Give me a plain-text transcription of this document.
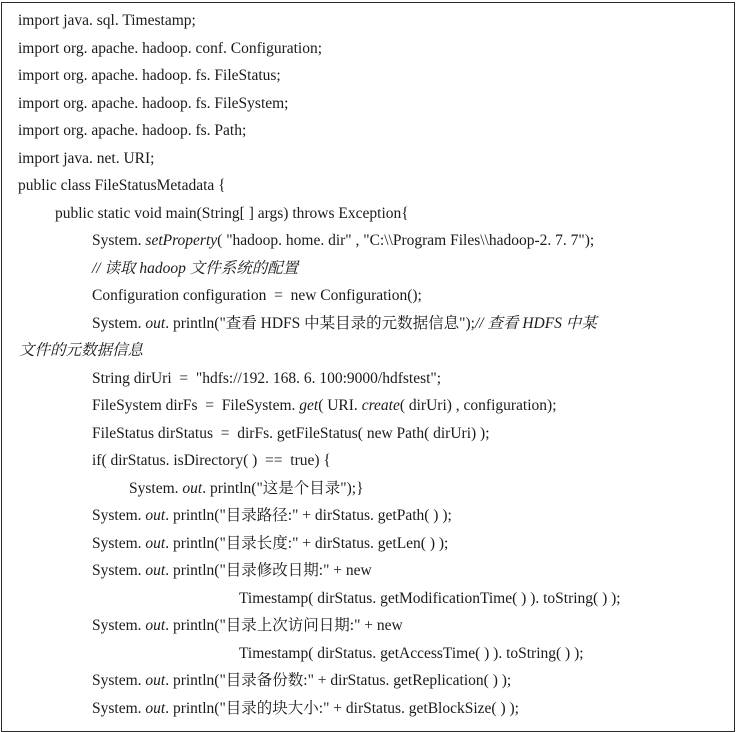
import java. sql. Timestamp;
import org. apache. hadoop. conf. Configuration;
import org. apache. hadoop. fs. FileStatus;
import org. apache. hadoop. fs. FileSystem;
import org. apache. hadoop. fs. Path;
import java. net. URI;
public class FileStatusMetadata {
public static void main(String[ ] args) throws Exception{
System. setProperty( "hadoop. home. dir" , "C:\\Program Files\\hadoop-2. 7. 7");
// 读取 hadoop 文件系统的配置
Configuration configuration  =  new Configuration();
System. out. println("查看 HDFS 中某目录的元数据信息");// 查看 HDFS 中某
文件的元数据信息
String dirUri  =  "hdfs://192. 168. 6. 100:9000/hdfstest";
FileSystem dirFs  =  FileSystem. get( URI. create( dirUri) , configuration);
FileStatus dirStatus  =  dirFs. getFileStatus( new Path( dirUri) );
if( dirStatus. isDirectory( )  ==  true) {
System. out. println("这是个目录");}
System. out. println("目录路径:" + dirStatus. getPath( ) );
System. out. println("目录长度:" + dirStatus. getLen( ) );
System. out. println("目录修改日期:" + new
Timestamp( dirStatus. getModificationTime( ) ). toString( ) );
System. out. println("目录上次访问日期:" + new
Timestamp( dirStatus. getAccessTime( ) ). toString( ) );
System. out. println("目录备份数:" + dirStatus. getReplication( ) );
System. out. println("目录的块大小:" + dirStatus. getBlockSize( ) );
